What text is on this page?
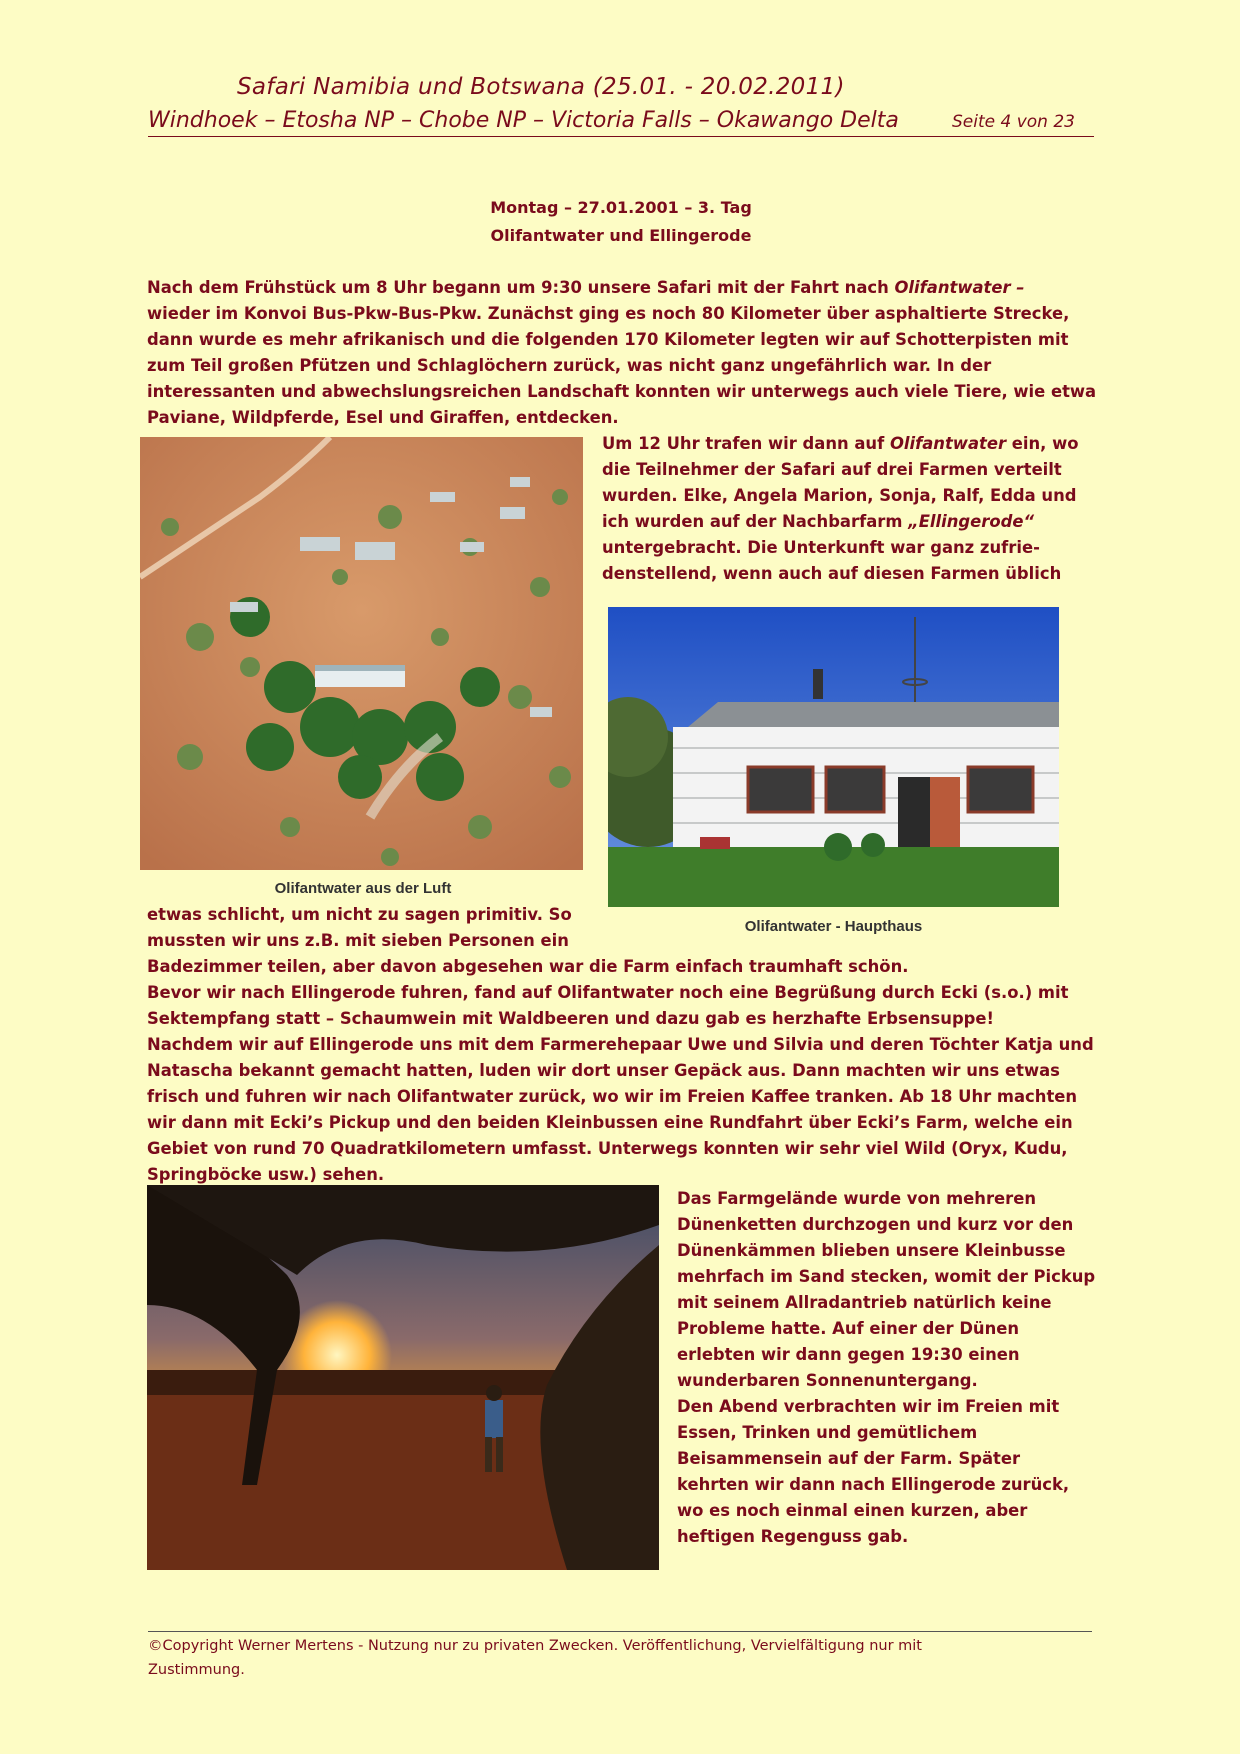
Safari Namibia und Botswana (25.01. - 20.02.2011)
Windhoek – Etosha NP – Chobe NP – Victoria Falls – Okawango Delta	Seite 4 von 23
Montag – 27.01.2001 – 3. Tag
Olifantwater und Ellingerode
Nach dem Frühstück um 8 Uhr begann um 9:30 unsere Safari mit der Fahrt nach Olifantwater –
wieder im Konvoi Bus-Pkw-Bus-Pkw. Zunächst ging es noch 80 Kilometer über asphaltierte Strecke,
dann wurde es mehr afrikanisch und die folgenden 170 Kilometer legten wir auf Schotterpisten mit
zum Teil großen Pfützen und Schlaglöchern zurück, was nicht ganz ungefährlich war. In der
interessanten und abwechslungsreichen Landschaft konnten wir unterwegs auch viele Tiere, wie etwa
Paviane, Wildpferde, Esel und Giraffen, entdecken.
Um 12 Uhr trafen wir dann auf Olifantwater ein, wo
die Teilnehmer der Safari auf drei Farmen verteilt
wurden. Elke, Angela Marion, Sonja, Ralf, Edda und
ich wurden auf der Nachbarfarm „Ellingerode“
untergebracht. Die Unterkunft war ganz zufrie-
denstellend, wenn auch auf diesen Farmen üblich
Olifantwater aus der Luft
Olifantwater - Haupthaus
etwas schlicht, um nicht zu sagen primitiv. So
mussten wir uns z.B. mit sieben Personen ein
Badezimmer teilen, aber davon abgesehen war die Farm einfach traumhaft schön.
Bevor wir nach Ellingerode fuhren, fand auf Olifantwater noch eine Begrüßung durch Ecki (s.o.) mit
Sektempfang statt – Schaumwein mit Waldbeeren und dazu gab es herzhafte Erbsensuppe!
Nachdem wir auf Ellingerode uns mit dem Farmerehepaar Uwe und Silvia und deren Töchter Katja und
Natascha bekannt gemacht hatten, luden wir dort unser Gepäck aus. Dann machten wir uns etwas
frisch und fuhren wir nach Olifantwater zurück, wo wir im Freien Kaffee tranken. Ab 18 Uhr machten
wir dann mit Ecki’s Pickup und den beiden Kleinbussen eine Rundfahrt über Ecki’s Farm, welche ein
Gebiet von rund 70 Quadratkilometern umfasst. Unterwegs konnten wir sehr viel Wild (Oryx, Kudu,
Springböcke usw.) sehen.
Das Farmgelände wurde von mehreren
Dünenketten durchzogen und kurz vor den
Dünenkämmen blieben unsere Kleinbusse
mehrfach im Sand stecken, womit der Pickup
mit seinem Allradantrieb natürlich keine
Probleme hatte. Auf einer der Dünen
erlebten wir dann gegen 19:30 einen
wunderbaren Sonnenuntergang.
Den Abend verbrachten wir im Freien mit
Essen, Trinken und gemütlichem
Beisammensein auf der Farm. Später
kehrten wir dann nach Ellingerode zurück,
wo es noch einmal einen kurzen, aber
heftigen Regenguss gab.
©Copyright Werner Mertens - Nutzung nur zu privaten Zwecken. Veröffentlichung, Vervielfältigung nur mit
Zustimmung.
